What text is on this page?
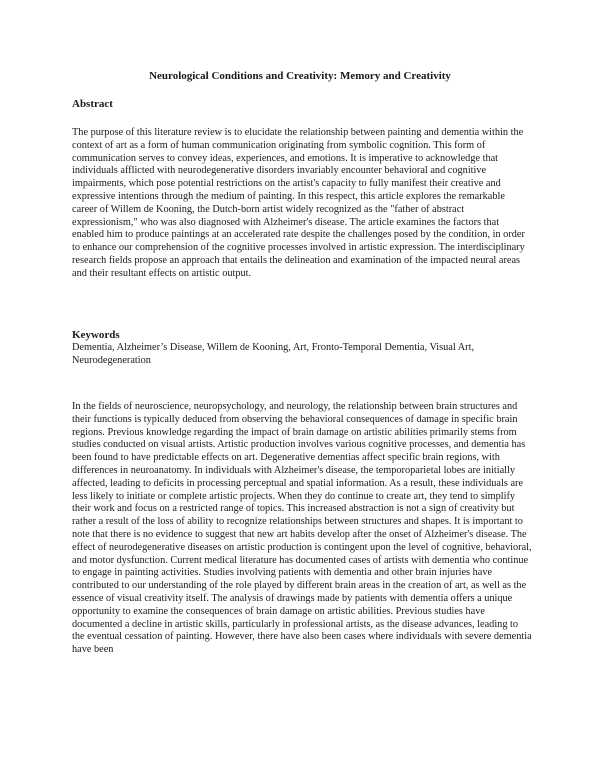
Neurological Conditions and Creativity: Memory and Creativity
Abstract

The purpose of this literature review is to elucidate the relationship between painting and dementia within the context of art as a form of human communication originating from symbolic cognition. This form of communication serves to convey ideas, experiences, and emotions. It is imperative to acknowledge that individuals afflicted with neurodegenerative disorders invariably encounter behavioral and cognitive impairments, which pose potential restrictions on the artist's capacity to fully manifest their creative and expressive intentions through the medium of painting. In this respect, this article explores the remarkable career of Willem de Kooning, the Dutch-born artist widely recognized as the "father of abstract expressionism," who was also diagnosed with Alzheimer's disease. The article examines the factors that enabled him to produce paintings at an accelerated rate despite the challenges posed by the condition, in order to enhance our comprehension of the cognitive processes involved in artistic expression. The interdisciplinary research fields propose an approach that entails the delineation and examination of the impacted neural areas and their resultant effects on artistic output.

Keywords

Dementia, Alzheimer’s Disease, Willem de Kooning, Art, Fronto-Temporal Dementia, Visual Art, Neurodegeneration

In the fields of neuroscience, neuropsychology, and neurology, the relationship between brain structures and their functions is typically deduced from observing the behavioral consequences of damage in specific brain regions. Previous knowledge regarding the impact of brain damage on artistic abilities primarily stems from studies conducted on visual artists. Artistic production involves various cognitive processes, and dementia has been found to have predictable effects on art. Degenerative dementias affect specific brain regions, with differences in neuroanatomy. In individuals with Alzheimer's disease, the temporoparietal lobes are initially affected, leading to deficits in processing perceptual and spatial information. As a result, these individuals are less likely to initiate or complete artistic projects. When they do continue to create art, they tend to simplify their work and focus on a restricted range of topics. This increased abstraction is not a sign of creativity but rather a result of the loss of ability to recognize relationships between structures and shapes. It is important to note that there is no evidence to suggest that new art habits develop after the onset of Alzheimer's disease. The effect of neurodegenerative diseases on artistic production is contingent upon the level of cognitive, behavioral, and motor dysfunction. Current medical literature has documented cases of artists with dementia who continue to engage in painting activities. Studies involving patients with dementia and other brain injuries have contributed to our understanding of the role played by different brain areas in the creation of art, as well as the essence of visual creativity itself. The analysis of drawings made by patients with dementia offers a unique opportunity to examine the consequences of brain damage on artistic abilities. Previous studies have documented a decline in artistic skills, particularly in professional artists, as the disease advances, leading to the eventual cessation of painting. However, there have also been cases where individuals with severe dementia have been
